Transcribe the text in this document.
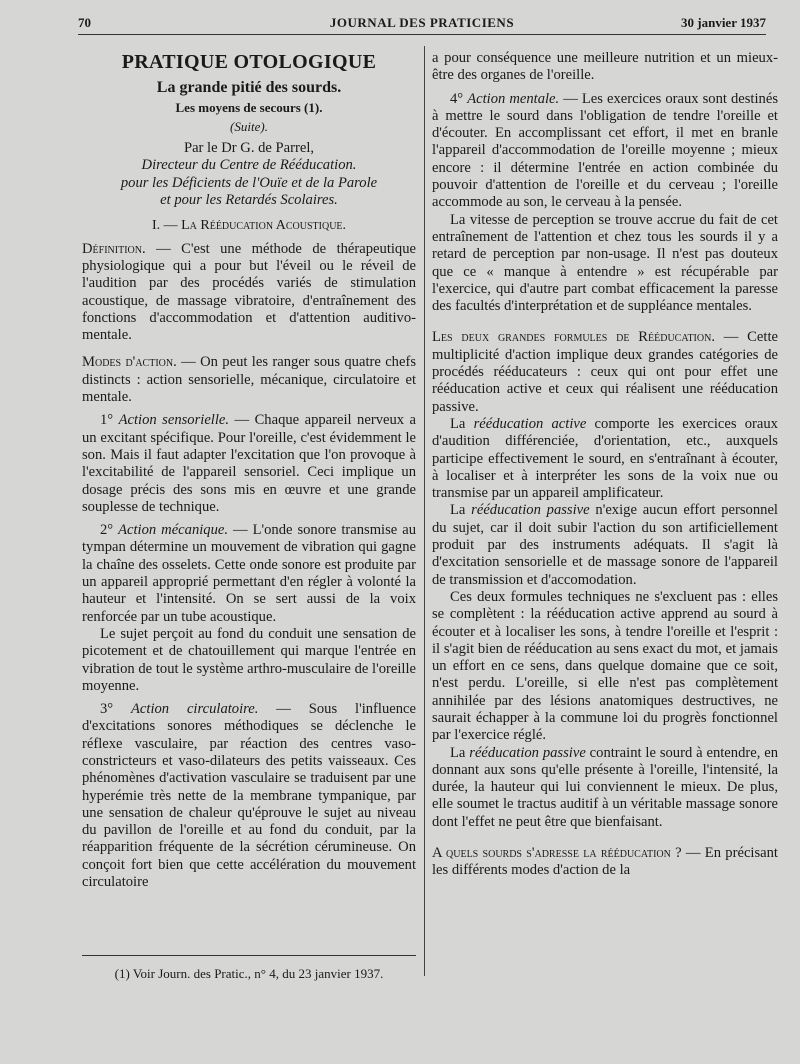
70	JOURNAL DES PRATICIENS	30 janvier 1937
PRATIQUE OTOLOGIQUE
La grande pitié des sourds.
Les moyens de secours (1).
(Suite).

Par le Dr G. de Parrel,

Directeur du Centre de Rééducation.

pour les Déficients de l'Ouïe et de la Parole

et pour les Retardés Scolaires.

I. — La Rééducation Acoustique.

Définition. — C'est une méthode de thérapeutique physiologique qui a pour but l'éveil ou le réveil de l'audition par des procédés variés de stimulation acoustique, de massage vibratoire, d'entraînement des fonctions d'accommodation et d'attention auditivo-mentale.

Modes d'action. — On peut les ranger sous quatre chefs distincts : action sensorielle, mécanique, circulatoire et mentale.

1° Action sensorielle. — Chaque appareil nerveux a un excitant spécifique. Pour l'oreille, c'est évidemment le son. Mais il faut adapter l'excitation que l'on provoque à l'excitabilité de l'appareil sensoriel. Ceci implique un dosage précis des sons mis en œuvre et une grande souplesse de technique.

2° Action mécanique. — L'onde sonore transmise au tympan détermine un mouvement de vibration qui gagne la chaîne des osselets. Cette onde sonore est produite par un appareil approprié permettant d'en régler à volonté la hauteur et l'intensité. On se sert aussi de la voix renforcée par un tube acoustique.

Le sujet perçoit au fond du conduit une sensation de picotement et de chatouillement qui marque l'entrée en vibration de tout le système arthro-musculaire de l'oreille moyenne.

3° Action circulatoire. — Sous l'influence d'excitations sonores méthodiques se déclenche le réflexe vasculaire, par réaction des centres vaso-constricteurs et vaso-dilateurs des petits vaisseaux. Ces phénomènes d'activation vasculaire se traduisent par une hyperémie très nette de la membrane tympanique, par une sensation de chaleur qu'éprouve le sujet au niveau du pavillon de l'oreille et au fond du conduit, par la réapparition fréquente de la sécrétion cérumineuse. On conçoit fort bien que cette accélération du mouvement circulatoire

(1) Voir Journ. des Pratic., n° 4, du 23 janvier 1937.

a pour conséquence une meilleure nutrition et un mieux-être des organes de l'oreille.

4° Action mentale. — Les exercices oraux sont destinés à mettre le sourd dans l'obligation de tendre l'oreille et d'écouter. En accomplissant cet effort, il met en branle l'appareil d'accommodation de l'oreille moyenne ; mieux encore : il détermine l'entrée en action combinée du pouvoir d'attention de l'oreille et du cerveau ; l'oreille accommode au son, le cerveau à la pensée.

La vitesse de perception se trouve accrue du fait de cet entraînement de l'attention et chez tous les sourds il y a retard de perception par non-usage. Il n'est pas douteux que ce « manque à entendre » est récupérable par l'exercice, qui d'autre part combat efficacement la paresse des facultés d'interprétation et de suppléance mentales.

Les deux grandes formules de Rééducation. — Cette multiplicité d'action implique deux grandes catégories de procédés rééducateurs : ceux qui ont pour effet une rééducation active et ceux qui réalisent une rééducation passive.

La rééducation active comporte les exercices oraux d'audition différenciée, d'orientation, etc., auxquels participe effectivement le sourd, en s'entraînant à écouter, à localiser et à interpréter les sons de la voix nue ou transmise par un appareil amplificateur.

La rééducation passive n'exige aucun effort personnel du sujet, car il doit subir l'action du son artificiellement produit par des instruments adéquats. Il s'agit là d'excitation sensorielle et de massage sonore de l'appareil de transmission et d'accomodation.

Ces deux formules techniques ne s'excluent pas : elles se complètent : la rééducation active apprend au sourd à écouter et à localiser les sons, à tendre l'oreille et l'esprit : il s'agit bien de rééducation au sens exact du mot, et jamais un effort en ce sens, dans quelque domaine que ce soit, n'est perdu. L'oreille, si elle n'est pas complètement annihilée par des lésions anatomiques destructives, ne saurait échapper à la commune loi du progrès fonctionnel par l'exercice réglé.

La rééducation passive contraint le sourd à entendre, en donnant aux sons qu'elle présente à l'oreille, l'intensité, la durée, la hauteur qui lui conviennent le mieux. De plus, elle soumet le tractus auditif à un véritable massage sonore dont l'effet ne peut être que bienfaisant.

A quels sourds s'adresse la rééducation ? — En précisant les différents modes d'action de la
